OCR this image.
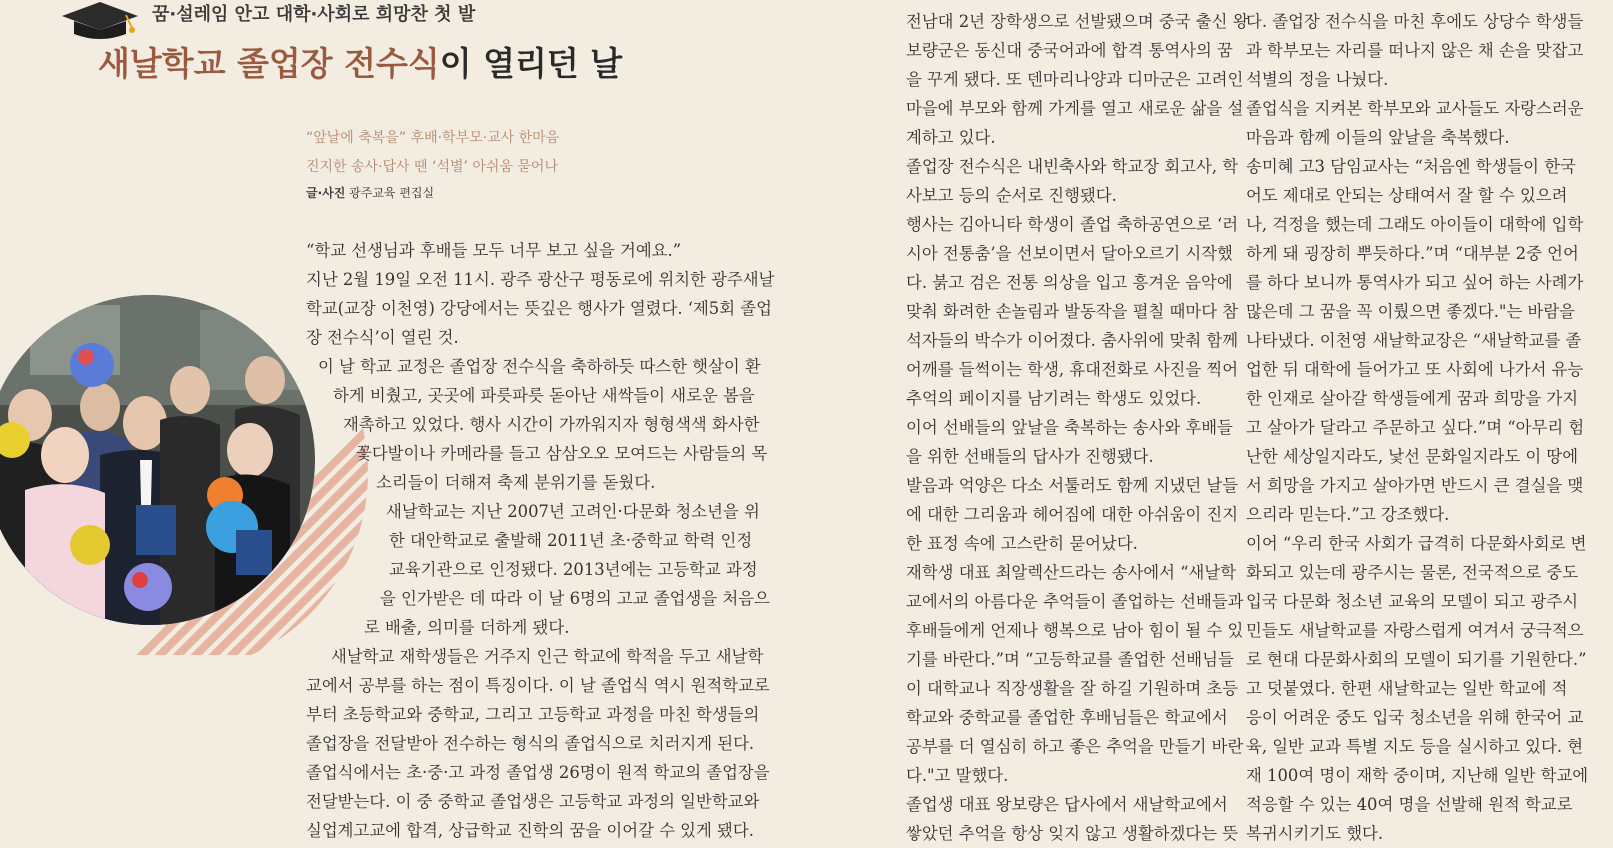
꿈·설레임 안고 대학·사회로 희망찬 첫 발
새날학교 졸업장 전수식이 열리던 날
“앞날에 축복을” 후배·학부모·교사 한마음
진지한 송사·답사 땐 ‘석별’ 아쉬움 묻어나
글·사진 광주교육 편집실
“학교 선생님과 후배들 모두 너무 보고 싶을 거예요.”
지난 2월 19일 오전 11시. 광주 광산구 평동로에 위치한 광주새날
학교(교장 이천영) 강당에서는 뜻깊은 행사가 열렸다. ‘제5회 졸업
장 전수식’이 열린 것.
이 날 학교 교정은 졸업장 전수식을 축하하듯 따스한 햇살이 환
하게 비췄고, 곳곳에 파릇파릇 돋아난 새싹들이 새로운 봄을
재촉하고 있었다. 행사 시간이 가까워지자 형형색색 화사한
꽃다발이나 카메라를 들고 삼삼오오 모여드는 사람들의 목
소리들이 더해져 축제 분위기를 돋웠다.
새날학교는 지난 2007년 고려인·다문화 청소년을 위
한 대안학교로 출발해 2011년 초·중학교 학력 인정
교육기관으로 인정됐다. 2013년에는 고등학교 과정
을 인가받은 데 따라 이 날 6명의 고교 졸업생을 처음으
로 배출, 의미를 더하게 됐다.
새날학교 재학생들은 거주지 인근 학교에 학적을 두고 새날학
교에서 공부를 하는 점이 특징이다. 이 날 졸업식 역시 원적학교로
부터 초등학교와 중학교, 그리고 고등학교 과정을 마친 학생들의
졸업장을 전달받아 전수하는 형식의 졸업식으로 치러지게 된다.
졸업식에서는 초·중·고 과정 졸업생 26명이 원적 학교의 졸업장을
전달받는다. 이 중 중학교 졸업생은 고등학교 과정의 일반학교와
실업계고교에 합격, 상급학교 진학의 꿈을 이어갈 수 있게 됐다.
전남대 2년 장학생으로 선발됐으며 중국 출신 왕
보량군은 동신대 중국어과에 합격 통역사의 꿈
을 꾸게 됐다. 또 덴마리나양과 디마군은 고려인
마을에 부모와 함께 가게를 열고 새로운 삶을 설
계하고 있다.
졸업장 전수식은 내빈축사와 학교장 회고사, 학
사보고 등의 순서로 진행됐다.
행사는 김아니타 학생이 졸업 축하공연으로 ‘러
시아 전통춤’을 선보이면서 달아오르기 시작했
다. 붉고 검은 전통 의상을 입고 흥겨운 음악에
맞춰 화려한 손놀림과 발동작을 펼칠 때마다 참
석자들의 박수가 이어졌다. 춤사위에 맞춰 함께
어깨를 들썩이는 학생, 휴대전화로 사진을 찍어
추억의 페이지를 남기려는 학생도 있었다.
이어 선배들의 앞날을 축복하는 송사와 후배들
을 위한 선배들의 답사가 진행됐다.
발음과 억양은 다소 서툴러도 함께 지냈던 날들
에 대한 그리움과 헤어짐에 대한 아쉬움이 진지
한 표정 속에 고스란히 묻어났다.
재학생 대표 최알렉산드라는 송사에서 “새날학
교에서의 아름다운 추억들이 졸업하는 선배들과
후배들에게 언제나 행복으로 남아 힘이 될 수 있
기를 바란다.”며 “고등학교를 졸업한 선배님들
이 대학교나 직장생활을 잘 하길 기원하며 초등
학교와 중학교를 졸업한 후배님들은 학교에서
공부를 더 열심히 하고 좋은 추억을 만들기 바란
다."고 말했다.
졸업생 대표 왕보량은 답사에서 새날학교에서
쌓았던 추억을 항상 잊지 않고 생활하겠다는 뜻
다. 졸업장 전수식을 마친 후에도 상당수 학생들
과 학부모는 자리를 떠나지 않은 채 손을 맞잡고
석별의 정을 나눴다.
졸업식을 지켜본 학부모와 교사들도 자랑스러운
마음과 함께 이들의 앞날을 축복했다.
송미혜 고3 담임교사는 “처음엔 학생들이 한국
어도 제대로 안되는 상태여서 잘 할 수 있으려
나, 걱정을 했는데 그래도 아이들이 대학에 입학
하게 돼 굉장히 뿌듯하다.”며 “대부분 2중 언어
를 하다 보니까 통역사가 되고 싶어 하는 사례가
많은데 그 꿈을 꼭 이뤘으면 좋겠다."는 바람을
나타냈다. 이천영 새날학교장은 “새날학교를 졸
업한 뒤 대학에 들어가고 또 사회에 나가서 유능
한 인재로 살아갈 학생들에게 꿈과 희망을 가지
고 살아가 달라고 주문하고 싶다.”며 “아무리 험
난한 세상일지라도, 낯선 문화일지라도 이 땅에
서 희망을 가지고 살아가면 반드시 큰 결실을 맺
으리라 믿는다.”고 강조했다.
이어 “우리 한국 사회가 급격히 다문화사회로 변
화되고 있는데 광주시는 물론, 전국적으로 중도
입국 다문화 청소년 교육의 모델이 되고 광주시
민들도 새날학교를 자랑스럽게 여겨서 궁극적으
로 현대 다문화사회의 모델이 되기를 기원한다.”
고 덧붙였다. 한편 새날학교는 일반 학교에 적
응이 어려운 중도 입국 청소년을 위해 한국어 교
육, 일반 교과 특별 지도 등을 실시하고 있다. 현
재 100여 명이 재학 중이며, 지난해 일반 학교에
적응할 수 있는 40여 명을 선발해 원적 학교로
복귀시키기도 했다.
